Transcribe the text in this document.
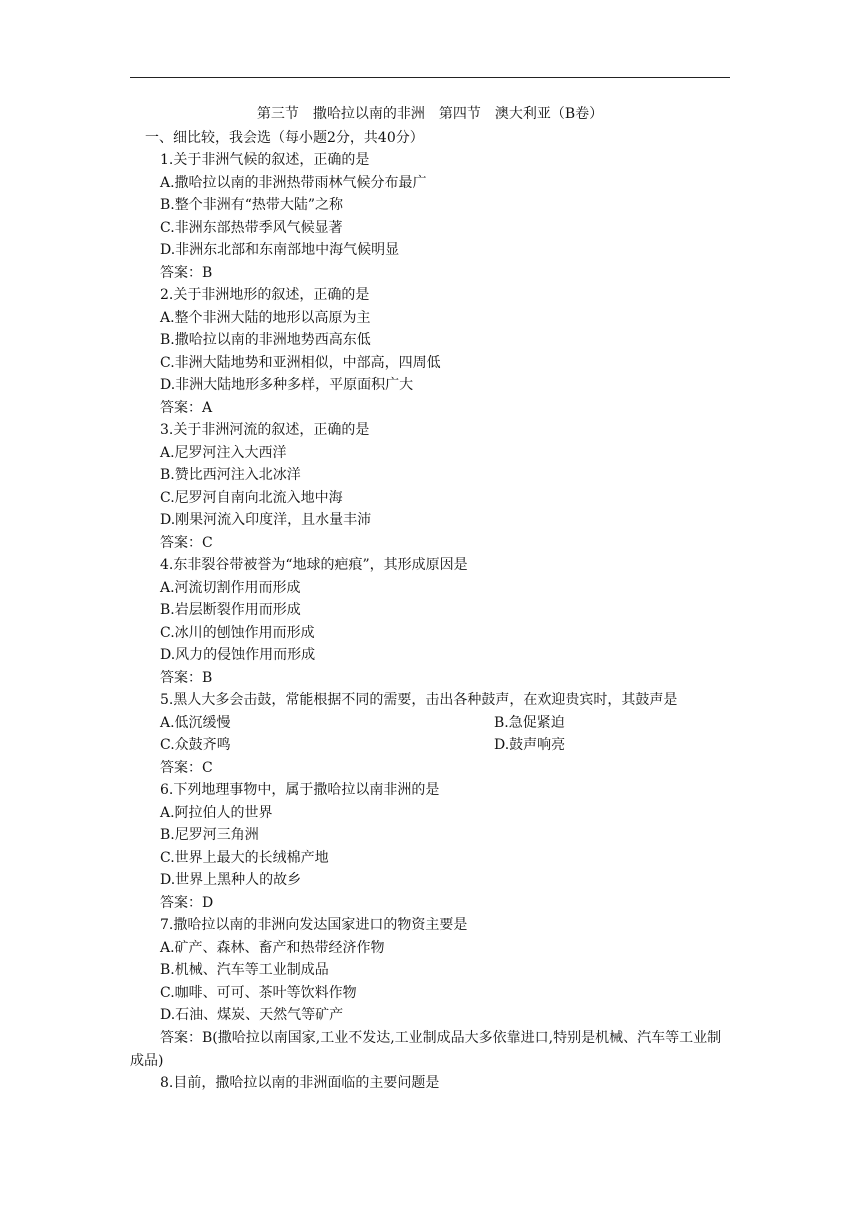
第三节　撒哈拉以南的非洲　第四节　澳大利亚（B卷）
一、细比较，我会选（每小题2分，共40分）
1.关于非洲气候的叙述，正确的是
A.撒哈拉以南的非洲热带雨林气候分布最广
B.整个非洲有“热带大陆”之称
C.非洲东部热带季风气候显著
D.非洲东北部和东南部地中海气候明显
答案：B
2.关于非洲地形的叙述，正确的是
A.整个非洲大陆的地形以高原为主
B.撒哈拉以南的非洲地势西高东低
C.非洲大陆地势和亚洲相似，中部高，四周低
D.非洲大陆地形多种多样，平原面积广大
答案：A
3.关于非洲河流的叙述，正确的是
A.尼罗河注入大西洋
B.赞比西河注入北冰洋
C.尼罗河自南向北流入地中海
D.刚果河流入印度洋，且水量丰沛
答案：C
4.东非裂谷带被誉为“地球的疤痕”，其形成原因是
A.河流切割作用而形成
B.岩层断裂作用而形成
C.冰川的刨蚀作用而形成
D.风力的侵蚀作用而形成
答案：B
5.黑人大多会击鼓，常能根据不同的需要，击出各种鼓声，在欢迎贵宾时，其鼓声是
A.低沉缓慢	B.急促紧迫
C.众鼓齐鸣	D.鼓声响亮
答案：C
6.下列地理事物中，属于撒哈拉以南非洲的是
A.阿拉伯人的世界
B.尼罗河三角洲
C.世界上最大的长绒棉产地
D.世界上黑种人的故乡
答案：D
7.撒哈拉以南的非洲向发达国家进口的物资主要是
A.矿产、森林、畜产和热带经济作物
B.机械、汽车等工业制成品
C.咖啡、可可、茶叶等饮料作物
D.石油、煤炭、天然气等矿产
答案：B(撒哈拉以南国家,工业不发达,工业制成品大多依靠进口,特别是机械、汽车等工业制成品)
8.目前，撒哈拉以南的非洲面临的主要问题是
